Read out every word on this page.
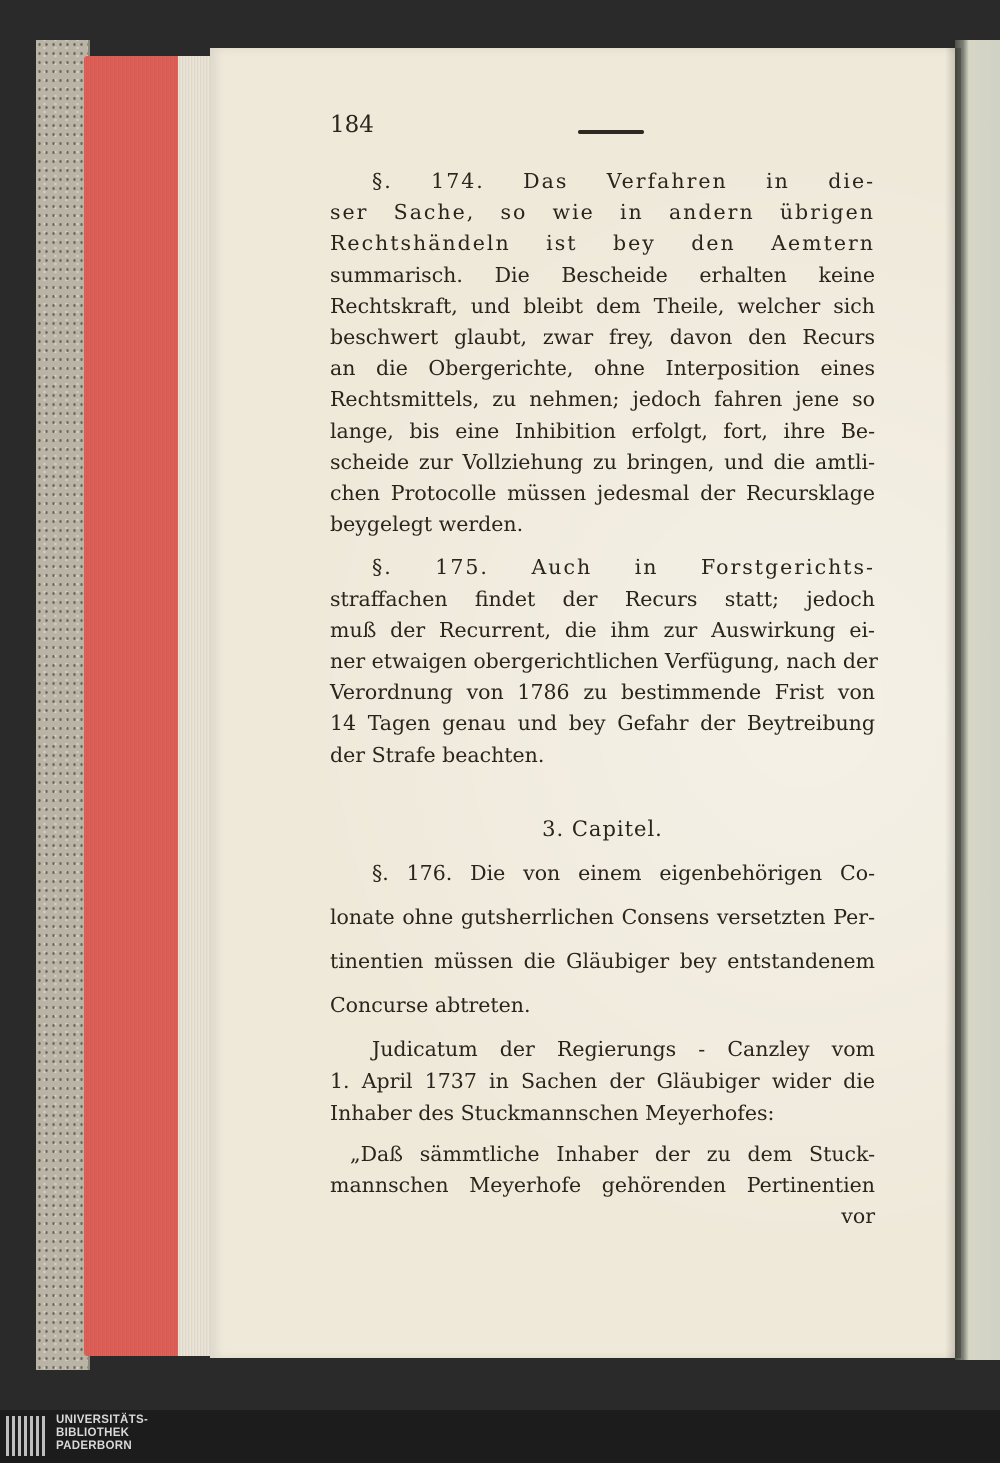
184

§. 174. Das Verfahren in die-
ser Sache, so wie in andern übrigen
Rechtshändeln ist bey den Aemtern
summarisch. Die Bescheide erhalten keine
Rechtskraft, und bleibt dem Theile, welcher sich
beschwert glaubt, zwar frey, davon den Recurs
an die Obergerichte, ohne Interposition eines
Rechtsmittels, zu nehmen; jedoch fahren jene so
lange, bis eine Inhibition erfolgt, fort, ihre Be-
scheide zur Vollziehung zu bringen, und die amtli-
chen Protocolle müssen jedesmal der Recursklage
beygelegt werden.

§. 175. Auch in Forstgerichts-
straffachen findet der Recurs statt; jedoch
muß der Recurrent, die ihm zur Auswirkung ei-
ner etwaigen obergerichtlichen Verfügung, nach der
Verordnung von 1786 zu bestimmende Frist von
14 Tagen genau und bey Gefahr der Beytreibung
der Strafe beachten.

3. Capitel.

§. 176. Die von einem eigenbehörigen Co-
lonate ohne gutsherrlichen Consens versetzten Per-
tinentien müssen die Gläubiger bey entstandenem
Concurse abtreten.

Judicatum der Regierungs - Canzley vom
1. April 1737 in Sachen der Gläubiger wider die
Inhaber des Stuckmannschen Meyerhofes:

„Daß sämmtliche Inhaber der zu dem Stuck-
mannschen Meyerhofe gehörenden Pertinentien
vor

UNIVERSITÄTS-
BIBLIOTHEK
PADERBORN
